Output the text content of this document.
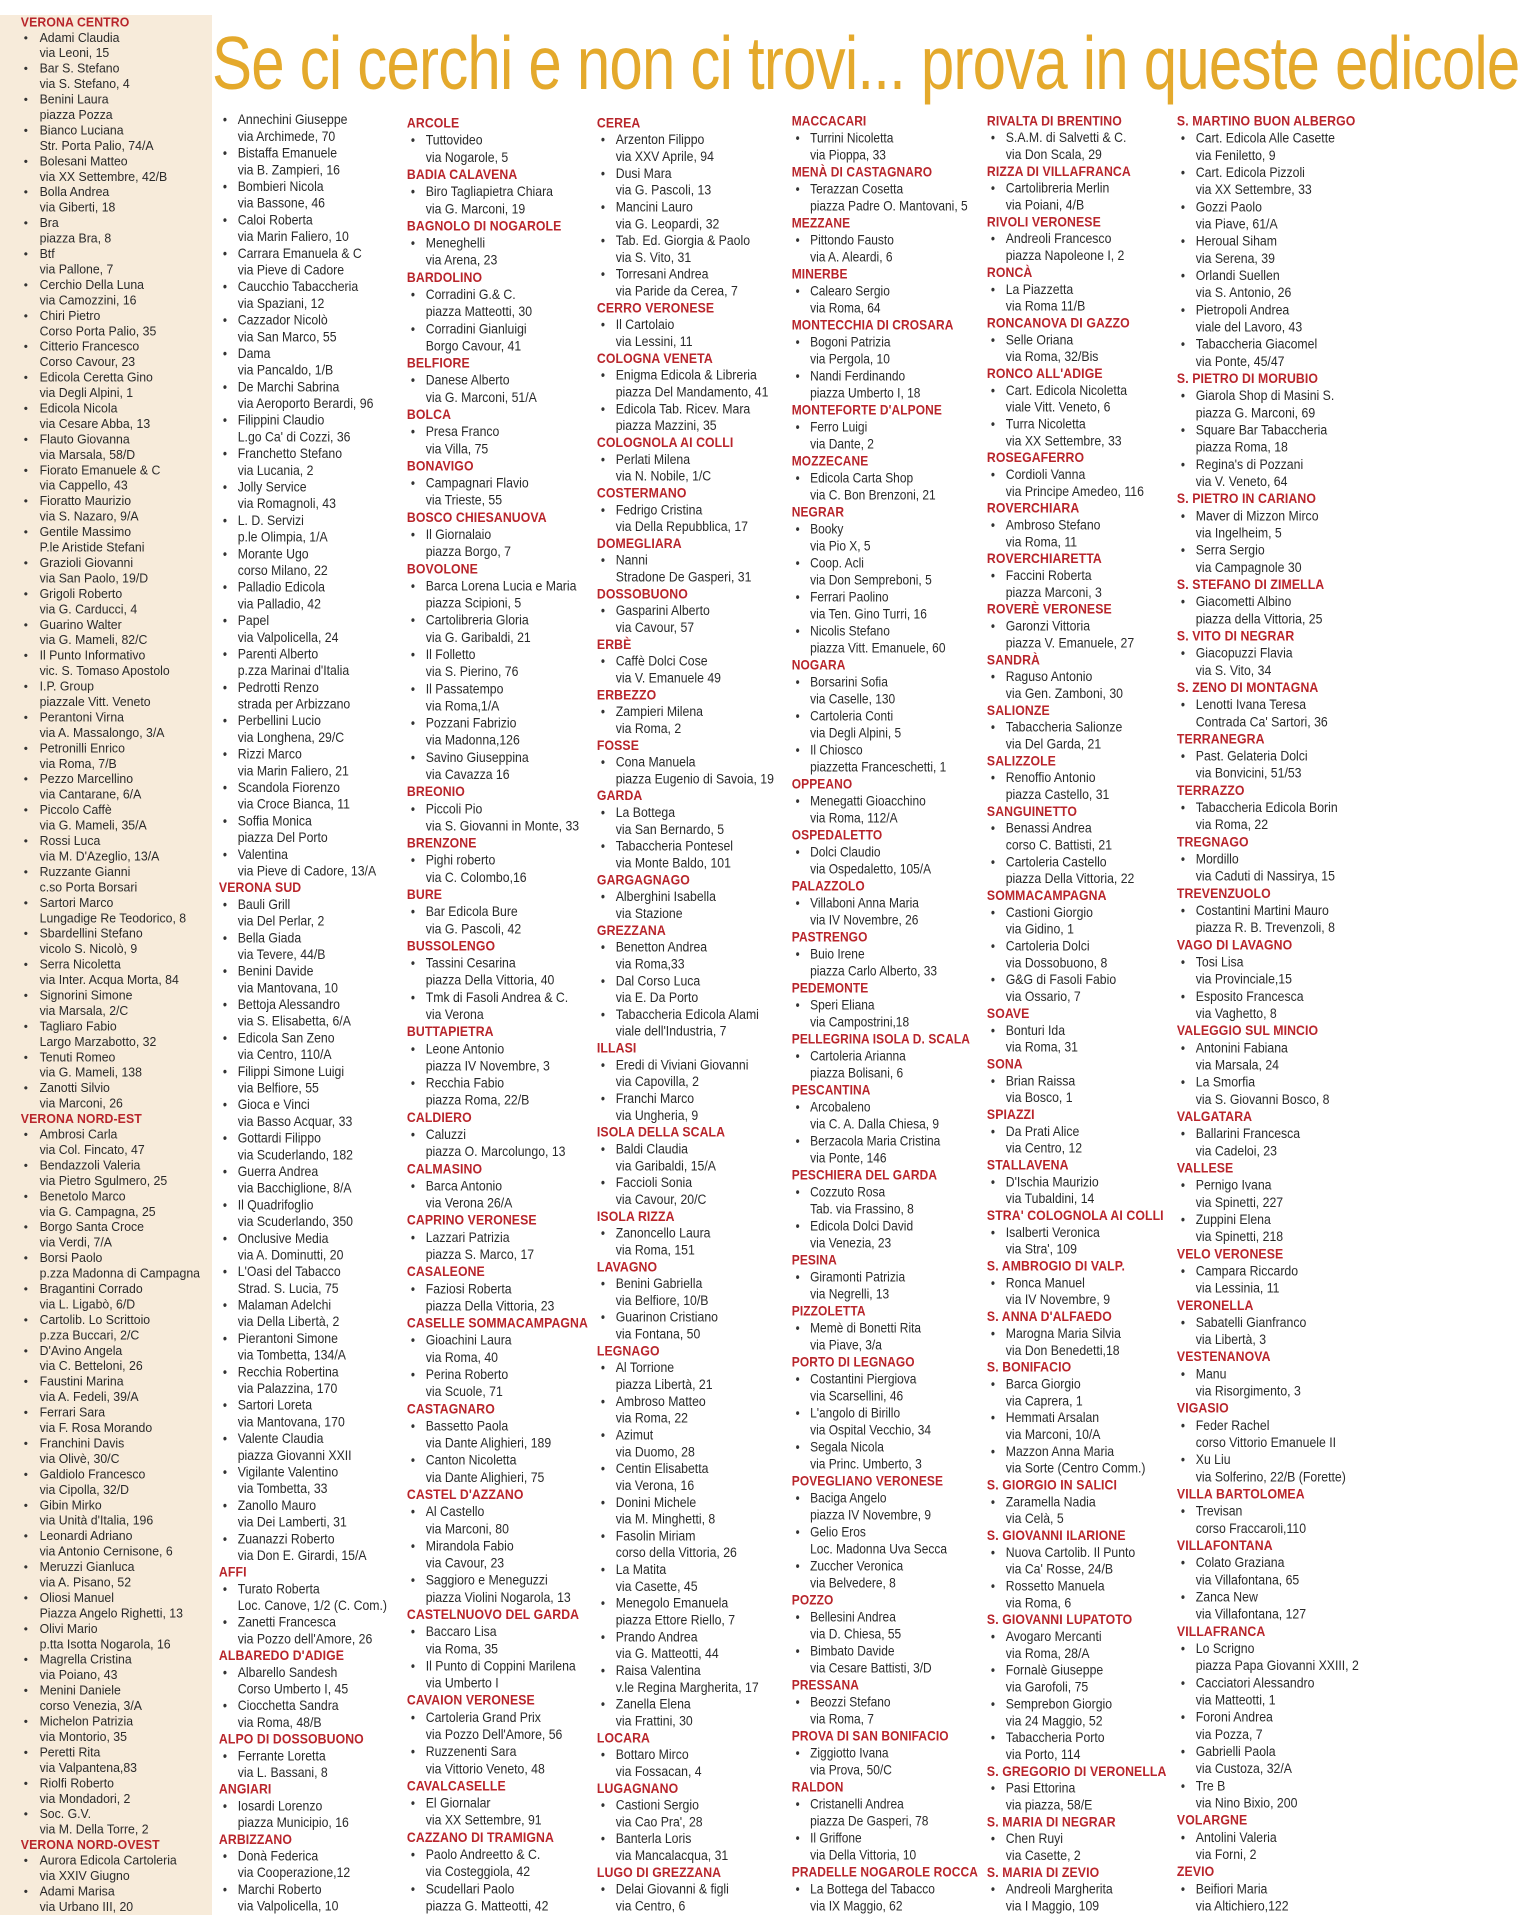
Se ci cerchi e non ci trovi... prova in queste edicole
VERONA CENTRO
• Adami Claudia
via Leoni, 15
• Bar S. Stefano
via S. Stefano, 4
• Benini Laura
piazza Pozza
• Bianco Luciana
Str. Porta Palio, 74/A
• Bolesani Matteo
via XX Settembre, 42/B
• Bolla Andrea
via Giberti, 18
• Bra
piazza Bra, 8
• Btf
via Pallone, 7
• Cerchio Della Luna
via Camozzini, 16
• Chiri Pietro
Corso Porta Palio, 35
• Citterio Francesco
Corso Cavour, 23
• Edicola Ceretta Gino
via Degli Alpini, 1
• Edicola Nicola
via Cesare Abba, 13
• Flauto Giovanna
via Marsala, 58/D
• Fiorato Emanuele & C
via Cappello, 43
• Fioratto Maurizio
via S. Nazaro, 9/A
• Gentile Massimo
P.le Aristide Stefani
• Grazioli Giovanni
via San Paolo, 19/D
• Grigoli Roberto
via G. Carducci, 4
• Guarino Walter
via G. Mameli, 82/C
• Il Punto Informativo
vic. S. Tomaso Apostolo
• I.P. Group
piazzale Vitt. Veneto
• Perantoni Virna
via A. Massalongo, 3/A
• Petronilli Enrico
via Roma, 7/B
• Pezzo Marcellino
via Cantarane, 6/A
• Piccolo Caffè
via G. Mameli, 35/A
• Rossi Luca
via M. D'Azeglio, 13/A
• Ruzzante Gianni
c.so Porta Borsari
• Sartori Marco
Lungadige Re Teodorico, 8
• Sbardellini Stefano
vicolo S. Nicolò, 9
• Serra Nicoletta
via Inter. Acqua Morta, 84
• Signorini Simone
via Marsala, 2/C
• Tagliaro Fabio
Largo Marzabotto, 32
• Tenuti Romeo
via G. Mameli, 138
• Zanotti Silvio
via Marconi, 26
VERONA NORD-EST
• Ambrosi Carla
via Col. Fincato, 47
• Bendazzoli Valeria
via Pietro Sgulmero, 25
• Benetolo Marco
via G. Campagna, 25
• Borgo Santa Croce
via Verdi, 7/A
• Borsi Paolo
p.zza Madonna di Campagna
• Bragantini Corrado
via L. Ligabò, 6/D
• Cartolib. Lo Scrittoio
p.zza Buccari, 2/C
• D'Avino Angela
via C. Betteloni, 26
• Faustini Marina
via A. Fedeli, 39/A
• Ferrari Sara
via F. Rosa Morando
• Franchini Davis
via Olivè, 30/C
• Galdiolo Francesco
via Cipolla, 32/D
• Gibin Mirko
via Unità d'Italia, 196
• Leonardi Adriano
via Antonio Cernisone, 6
• Meruzzi Gianluca
via A. Pisano, 52
• Oliosi Manuel
Piazza Angelo Righetti, 13
• Olivi Mario
p.tta Isotta Nogarola, 16
• Magrella Cristina
via Poiano, 43
• Menini Daniele
corso Venezia, 3/A
• Michelon Patrizia
via Montorio, 35
• Peretti Rita
via Valpantena,83
• Riolfi Roberto
via Mondadori, 2
• Soc. G.V.
via M. Della Torre, 2
VERONA NORD-OVEST
• Aurora Edicola Cartoleria
via XXIV Giugno
• Adami Marisa
via Urbano III, 20
• Annechini Giuseppe
via Archimede, 70
• Bistaffa Emanuele
via B. Zampieri, 16
• Bombieri Nicola
via Bassone, 46
• Caloi Roberta
via Marin Faliero, 10
• Carrara Emanuela & C
via Pieve di Cadore
• Caucchio Tabaccheria
via Spaziani, 12
• Cazzador Nicolò
via San Marco, 55
• Dama
via Pancaldo, 1/B
• De Marchi Sabrina
via Aeroporto Berardi, 96
• Filippini Claudio
L.go Ca' di Cozzi, 36
• Franchetto Stefano
via Lucania, 2
• Jolly Service
via Romagnoli, 43
• L. D. Servizi
p.le Olimpia, 1/A
• Morante Ugo
corso Milano, 22
• Palladio Edicola
via Palladio, 42
• Papel
via Valpolicella, 24
• Parenti Alberto
p.zza Marinai d'Italia
• Pedrotti Renzo
strada per Arbizzano
• Perbellini Lucio
via Longhena, 29/C
• Rizzi Marco
via Marin Faliero, 21
• Scandola Fiorenzo
via Croce Bianca, 11
• Soffia Monica
piazza Del Porto
• Valentina
via Pieve di Cadore, 13/A
VERONA SUD
• Bauli Grill
via Del Perlar, 2
• Bella Giada
via Tevere, 44/B
• Benini Davide
via Mantovana, 10
• Bettoja Alessandro
via S. Elisabetta, 6/A
• Edicola San Zeno
via Centro, 110/A
• Filippi Simone Luigi
via Belfiore, 55
• Gioca e Vinci
via Basso Acquar, 33
• Gottardi Filippo
via Scuderlando, 182
• Guerra Andrea
via Bacchiglione, 8/A
• Il Quadrifoglio
via Scuderlando, 350
• Onclusive Media
via A. Dominutti, 20
• L'Oasi del Tabacco
Strad. S. Lucia, 75
• Malaman Adelchi
via Della Libertà, 2
• Pierantoni Simone
via Tombetta, 134/A
• Recchia Robertina
via Palazzina, 170
• Sartori Loreta
via Mantovana, 170
• Valente Claudia
piazza Giovanni XXII
• Vigilante Valentino
via Tombetta, 33
• Zanollo Mauro
via Dei Lamberti, 31
• Zuanazzi Roberto
via Don E. Girardi, 15/A
AFFI
• Turato Roberta
Loc. Canove, 1/2 (C. Com.)
• Zanetti Francesca
via Pozzo dell'Amore, 26
ALBAREDO D'ADIGE
• Albarello Sandesh
Corso Umberto I, 45
• Ciocchetta Sandra
via Roma, 48/B
ALPO DI DOSSOBUONO
• Ferrante Loretta
via L. Bassani, 8
ANGIARI
• Iosardi Lorenzo
piazza Municipio, 16
ARBIZZANO
• Donà Federica
via Cooperazione,12
• Marchi Roberto
via Valpolicella, 10
ARCOLE
• Tuttovideo
via Nogarole, 5
BADIA CALAVENA
• Biro Tagliapietra Chiara
via G. Marconi, 19
BAGNOLO DI NOGAROLE
• Meneghelli
via Arena, 23
BARDOLINO
• Corradini G.& C.
piazza Matteotti, 30
• Corradini Gianluigi
Borgo Cavour, 41
BELFIORE
• Danese Alberto
via G. Marconi, 51/A
BOLCA
• Presa Franco
via Villa, 75
BONAVIGO
• Campagnari Flavio
via Trieste, 55
BOSCO CHIESANUOVA
• Il Giornalaio
piazza Borgo, 7
BOVOLONE
• Barca Lorena Lucia e Maria
piazza Scipioni, 5
• Cartolibreria Gloria
via G. Garibaldi, 21
• Il Folletto
via S. Pierino, 76
• Il Passatempo
via Roma,1/A
• Pozzani Fabrizio
via Madonna,126
• Savino Giuseppina
via Cavazza 16
BREONIO
• Piccoli Pio
via S. Giovanni in Monte, 33
BRENZONE
• Pighi roberto
via C. Colombo,16
BURE
• Bar Edicola Bure
via G. Pascoli, 42
BUSSOLENGO
• Tassini Cesarina
piazza Della Vittoria, 40
• Tmk di Fasoli Andrea & C.
via Verona
BUTTAPIETRA
• Leone Antonio
piazza IV Novembre, 3
• Recchia Fabio
piazza Roma, 22/B
CALDIERO
• Caluzzi
piazza O. Marcolungo, 13
CALMASINO
• Barca Antonio
via Verona 26/A
CAPRINO VERONESE
• Lazzari Patrizia
piazza S. Marco, 17
CASALEONE
• Faziosi Roberta
piazza Della Vittoria, 23
CASELLE SOMMACAMPAGNA
• Gioachini Laura
via Roma, 40
• Perina Roberto
via Scuole, 71
CASTAGNARO
• Bassetto Paola
via Dante Alighieri, 189
• Canton Nicoletta
via Dante Alighieri, 75
CASTEL D'AZZANO
• Al Castello
via Marconi, 80
• Mirandola Fabio
via Cavour, 23
• Saggioro e Meneguzzi
piazza Violini Nogarola, 13
CASTELNUOVO DEL GARDA
• Baccaro Lisa
via Roma, 35
• Il Punto di Coppini Marilena
via Umberto I
CAVAION VERONESE
• Cartoleria Grand Prix
via Pozzo Dell'Amore, 56
• Ruzzenenti Sara
via Vittorio Veneto, 48
CAVALCASELLE
• El Giornalar
via XX Settembre, 91
CAZZANO DI TRAMIGNA
• Paolo Andreetto & C.
via Costeggiola, 42
• Scudellari Paolo
piazza G. Matteotti, 42
CEREA
• Arzenton Filippo
via XXV Aprile, 94
• Dusi Mara
via G. Pascoli, 13
• Mancini Lauro
via G. Leopardi, 32
• Tab. Ed. Giorgia & Paolo
via S. Vito, 31
• Torresani Andrea
via Paride da Cerea, 7
CERRO VERONESE
• Il Cartolaio
via Lessini, 11
COLOGNA VENETA
• Enigma Edicola & Libreria
piazza Del Mandamento, 41
• Edicola Tab. Ricev. Mara
piazza Mazzini, 35
COLOGNOLA AI COLLI
• Perlati Milena
via N. Nobile, 1/C
COSTERMANO
• Fedrigo Cristina
via Della Repubblica, 17
DOMEGLIARA
• Nanni
Stradone De Gasperi, 31
DOSSOBUONO
• Gasparini Alberto
via Cavour, 57
ERBÈ
• Caffè Dolci Cose
via V. Emanuele 49
ERBEZZO
• Zampieri Milena
via Roma, 2
FOSSE
• Cona Manuela
piazza Eugenio di Savoia, 19
GARDA
• La Bottega
via San Bernardo, 5
• Tabaccheria Pontesel
via Monte Baldo, 101
GARGAGNAGO
• Alberghini Isabella
via Stazione
GREZZANA
• Benetton Andrea
via Roma,33
• Dal Corso Luca
via E. Da Porto
• Tabaccheria Edicola Alami
viale dell'Industria, 7
ILLASI
• Eredi di Viviani Giovanni
via Capovilla, 2
• Franchi Marco
via Ungheria, 9
ISOLA DELLA SCALA
• Baldi Claudia
via Garibaldi, 15/A
• Faccioli Sonia
via Cavour, 20/C
ISOLA RIZZA
• Zanoncello Laura
via Roma, 151
LAVAGNO
• Benini Gabriella
via Belfiore, 10/B
• Guarinon Cristiano
via Fontana, 50
LEGNAGO
• Al Torrione
piazza Libertà, 21
• Ambroso Matteo
via Roma, 22
• Azimut
via Duomo, 28
• Centin Elisabetta
via Verona, 16
• Donini Michele
via M. Minghetti, 8
• Fasolin Miriam
corso della Vittoria, 26
• La Matita
via Casette, 45
• Menegolo Emanuela
piazza Ettore Riello, 7
• Prando Andrea
via G. Matteotti, 44
• Raisa Valentina
v.le Regina Margherita, 17
• Zanella Elena
via Frattini, 30
LOCARA
• Bottaro Mirco
via Fossacan, 4
LUGAGNANO
• Castioni Sergio
via Cao Pra', 28
• Banterla Loris
via Mancalacqua, 31
LUGO DI GREZZANA
• Delai Giovanni & figli
via Centro, 6
MACCACARI
• Turrini Nicoletta
via Pioppa, 33
MENÀ DI CASTAGNARO
• Terazzan Cosetta
piazza Padre O. Mantovani, 5
MEZZANE
• Pittondo Fausto
via A. Aleardi, 6
MINERBE
• Calearo Sergio
via Roma, 64
MONTECCHIA DI CROSARA
• Bogoni Patrizia
via Pergola, 10
• Nandi Ferdinando
piazza Umberto I, 18
MONTEFORTE D'ALPONE
• Ferro Luigi
via Dante, 2
MOZZECANE
• Edicola Carta Shop
via C. Bon Brenzoni, 21
NEGRAR
• Booky
via Pio X, 5
• Coop. Acli
via Don Sempreboni, 5
• Ferrari Paolino
via Ten. Gino Turri, 16
• Nicolis Stefano
piazza Vitt. Emanuele, 60
NOGARA
• Borsarini Sofia
via Caselle, 130
• Cartoleria Conti
via Degli Alpini, 5
• Il Chiosco
piazzetta Franceschetti, 1
OPPEANO
• Menegatti Gioacchino
via Roma, 112/A
OSPEDALETTO
• Dolci Claudio
via Ospedaletto, 105/A
PALAZZOLO
• Villaboni Anna Maria
via IV Novembre, 26
PASTRENGO
• Buio Irene
piazza Carlo Alberto, 33
PEDEMONTE
• Speri Eliana
via Campostrini,18
PELLEGRINA ISOLA D. SCALA
• Cartoleria Arianna
piazza Bolisani, 6
PESCANTINA
• Arcobaleno
via C. A. Dalla Chiesa, 9
• Berzacola Maria Cristina
via Ponte, 146
PESCHIERA DEL GARDA
• Cozzuto Rosa
Tab. via Frassino, 8
• Edicola Dolci David
via Venezia, 23
PESINA
• Giramonti Patrizia
via Negrelli, 13
PIZZOLETTA
• Memè di Bonetti Rita
via Piave, 3/a
PORTO DI LEGNAGO
• Costantini Piergiova
via Scarsellini, 46
• L'angolo di Birillo
via Ospital Vecchio, 34
• Segala Nicola
via Princ. Umberto, 3
POVEGLIANO VERONESE
• Baciga Angelo
piazza IV Novembre, 9
• Gelio Eros
Loc. Madonna Uva Secca
• Zuccher Veronica
via Belvedere, 8
POZZO
• Bellesini Andrea
via D. Chiesa, 55
• Bimbato Davide
via Cesare Battisti, 3/D
PRESSANA
• Beozzi Stefano
via Roma, 7
PROVA DI SAN BONIFACIO
• Ziggiotto Ivana
via Prova, 50/C
RALDON
• Cristanelli Andrea
piazza De Gasperi, 78
• Il Griffone
via Della Vittoria, 10
PRADELLE NOGAROLE ROCCA
• La Bottega del Tabacco
via IX Maggio, 62
RIVALTA DI BRENTINO
• S.A.M. di Salvetti & C.
via Don Scala, 29
RIZZA DI VILLAFRANCA
• Cartolibreria Merlin
via Poiani, 4/B
RIVOLI VERONESE
• Andreoli Francesco
piazza Napoleone I, 2
RONCÀ
• La Piazzetta
via Roma 11/B
RONCANOVA DI GAZZO
• Selle Oriana
via Roma, 32/Bis
RONCO ALL'ADIGE
• Cart. Edicola Nicoletta
viale Vitt. Veneto, 6
• Turra Nicoletta
via XX Settembre, 33
ROSEGAFERRO
• Cordioli Vanna
via Principe Amedeo, 116
ROVERCHIARA
• Ambroso Stefano
via Roma, 11
ROVERCHIARETTA
• Faccini Roberta
piazza Marconi, 3
ROVERÈ VERONESE
• Garonzi Vittoria
piazza V. Emanuele, 27
SANDRÀ
• Raguso Antonio
via Gen. Zamboni, 30
SALIONZE
• Tabaccheria Salionze
via Del Garda, 21
SALIZZOLE
• Renoffio Antonio
piazza Castello, 31
SANGUINETTO
• Benassi Andrea
corso C. Battisti, 21
• Cartoleria Castello
piazza Della Vittoria, 22
SOMMACAMPAGNA
• Castioni Giorgio
via Gidino, 1
• Cartoleria Dolci
via Dossobuono, 8
• G&G di Fasoli Fabio
via Ossario, 7
SOAVE
• Bonturi Ida
via Roma, 31
SONA
• Brian Raissa
via Bosco, 1
SPIAZZI
• Da Prati Alice
via Centro, 12
STALLAVENA
• D'Ischia Maurizio
via Tubaldini, 14
STRA' COLOGNOLA AI COLLI
• Isalberti Veronica
via Stra', 109
S. AMBROGIO DI VALP.
• Ronca Manuel
via IV Novembre, 9
S. ANNA D'ALFAEDO
• Marogna Maria Silvia
via Don Benedetti,18
S. BONIFACIO
• Barca Giorgio
via Caprera, 1
• Hemmati Arsalan
via Marconi, 10/A
• Mazzon Anna Maria
via Sorte (Centro Comm.)
S. GIORGIO IN SALICI
• Zaramella Nadia
via Celà, 5
S. GIOVANNI ILARIONE
• Nuova Cartolib. Il Punto
via Ca' Rosse, 24/B
• Rossetto Manuela
via Roma, 6
S. GIOVANNI LUPATOTO
• Avogaro Mercanti
via Roma, 28/A
• Fornalè Giuseppe
via Garofoli, 75
• Semprebon Giorgio
via 24 Maggio, 52
• Tabaccheria Porto
via Porto, 114
S. GREGORIO DI VERONELLA
• Pasi Ettorina
via piazza, 58/E
S. MARIA DI NEGRAR
• Chen Ruyi
via Casette, 2
S. MARIA DI ZEVIO
• Andreoli Margherita
via I Maggio, 109
S. MARTINO BUON ALBERGO
• Cart. Edicola Alle Casette
via Feniletto, 9
• Cart. Edicola Pizzoli
via XX Settembre, 33
• Gozzi Paolo
via Piave, 61/A
• Heroual Siham
via Serena, 39
• Orlandi Suellen
via S. Antonio, 26
• Pietropoli Andrea
viale del Lavoro, 43
• Tabaccheria Giacomel
via Ponte, 45/47
S. PIETRO DI MORUBIO
• Giarola Shop di Masini S.
piazza G. Marconi, 69
• Square Bar Tabaccheria
piazza Roma, 18
• Regina's di Pozzani
via V. Veneto, 64
S. PIETRO IN CARIANO
• Maver di Mizzon Mirco
via Ingelheim, 5
• Serra Sergio
via Campagnole 30
S. STEFANO DI ZIMELLA
• Giacometti Albino
piazza della Vittoria, 25
S. VITO DI NEGRAR
• Giacopuzzi Flavia
via S. Vito, 34
S. ZENO DI MONTAGNA
• Lenotti Ivana Teresa
Contrada Ca' Sartori, 36
TERRANEGRA
• Past. Gelateria Dolci
via Bonvicini, 51/53
TERRAZZO
• Tabaccheria Edicola Borin
via Roma, 22
TREGNAGO
• Mordillo
via Caduti di Nassirya, 15
TREVENZUOLO
• Costantini Martini Mauro
piazza R. B. Trevenzoli, 8
VAGO DI LAVAGNO
• Tosi Lisa
via Provinciale,15
• Esposito Francesca
via Vaghetto, 8
VALEGGIO SUL MINCIO
• Antonini Fabiana
via Marsala, 24
• La Smorfia
via S. Giovanni Bosco, 8
VALGATARA
• Ballarini Francesca
via Cadeloi, 23
VALLESE
• Pernigo Ivana
via Spinetti, 227
• Zuppini Elena
via Spinetti, 218
VELO VERONESE
• Campara Riccardo
via Lessinia, 11
VERONELLA
• Sabatelli Gianfranco
via Libertà, 3
VESTENANOVA
• Manu
via Risorgimento, 3
VIGASIO
• Feder Rachel
corso Vittorio Emanuele II
• Xu Liu
via Solferino, 22/B (Forette)
VILLA BARTOLOMEA
• Trevisan
corso Fraccaroli,110
VILLAFONTANA
• Colato Graziana
via Villafontana, 65
• Zanca New
via Villafontana, 127
VILLAFRANCA
• Lo Scrigno
piazza Papa Giovanni XXIII, 2
• Cacciatori Alessandro
via Matteotti, 1
• Foroni Andrea
via Pozza, 7
• Gabrielli Paola
via Custoza, 32/A
• Tre B
via Nino Bixio, 200
VOLARGNE
• Antolini Valeria
via Forni, 2
ZEVIO
• Beifiori Maria
via Altichiero,122
